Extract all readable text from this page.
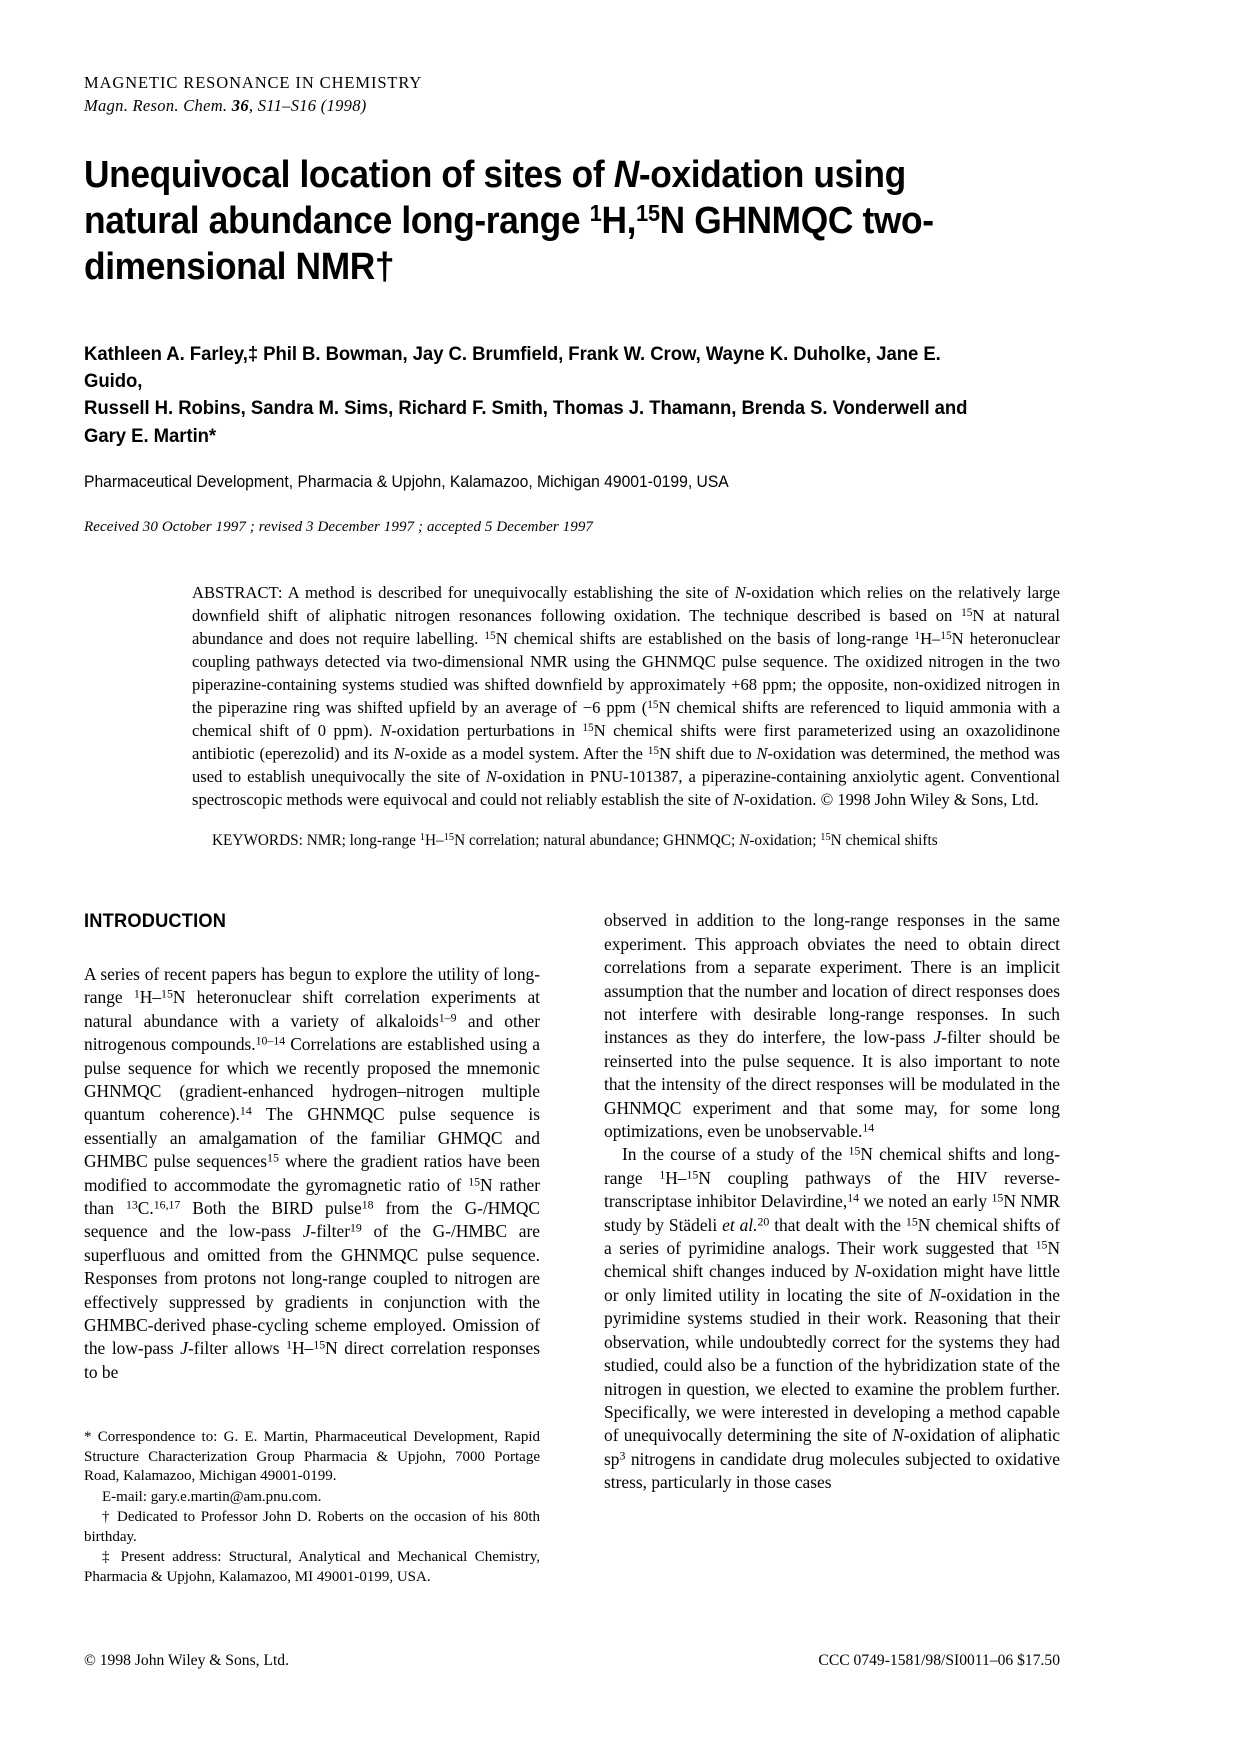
MAGNETIC RESONANCE IN CHEMISTRY
Magn. Reson. Chem. 36, S11–S16 (1998)
Unequivocal location of sites of N-oxidation using natural abundance long-range $^1$H,$^{15}$N GHNMQC two-dimensional NMR†
Kathleen A. Farley,‡ Phil B. Bowman, Jay C. Brumfield, Frank W. Crow, Wayne K. Duholke, Jane E. Guido,
Russell H. Robins, Sandra M. Sims, Richard F. Smith, Thomas J. Thamann, Brenda S. Vonderwell and
Gary E. Martin*
Pharmaceutical Development, Pharmacia & Upjohn, Kalamazoo, Michigan 49001-0199, USA
Received 30 October 1997 ; revised 3 December 1997 ; accepted 5 December 1997
ABSTRACT: A method is described for unequivocally establishing the site of N-oxidation which relies on the relatively large downfield shift of aliphatic nitrogen resonances following oxidation. The technique described is based on $^{15}$N at natural abundance and does not require labelling. $^{15}$N chemical shifts are established on the basis of long-range $^1$H–$^{15}$N heteronuclear coupling pathways detected via two-dimensional NMR using the GHNMQC pulse sequence. The oxidized nitrogen in the two piperazine-containing systems studied was shifted downfield by approximately +68 ppm; the opposite, non-oxidized nitrogen in the piperazine ring was shifted upfield by an average of −6 ppm ($^{15}$N chemical shifts are referenced to liquid ammonia with a chemical shift of 0 ppm). N-oxidation perturbations in $^{15}$N chemical shifts were first parameterized using an oxazolidinone antibiotic (eperezolid) and its N-oxide as a model system. After the $^{15}$N shift due to N-oxidation was determined, the method was used to establish unequivocally the site of N-oxidation in PNU-101387, a piperazine-containing anxiolytic agent. Conventional spectroscopic methods were equivocal and could not reliably establish the site of N-oxidation. © 1998 John Wiley & Sons, Ltd.
KEYWORDS: NMR; long-range $^1$H–$^{15}$N correlation; natural abundance; GHNMQC; N-oxidation; $^{15}$N chemical shifts
INTRODUCTION

A series of recent papers has begun to explore the utility of long-range $^1$H–$^{15}$N heteronuclear shift correlation experiments at natural abundance with a variety of alkaloids$^{1-9}$ and other nitrogenous compounds.$^{10-14}$ Correlations are established using a pulse sequence for which we recently proposed the mnemonic GHNMQC (gradient-enhanced hydrogen–nitrogen multiple quantum coherence).$^{14}$ The GHNMQC pulse sequence is essentially an amalgamation of the familiar GHMQC and GHMBC pulse sequences$^{15}$ where the gradient ratios have been modified to accommodate the gyromagnetic ratio of $^{15}$N rather than $^{13}$C.$^{16,17}$ Both the BIRD pulse$^{18}$ from the G-/HMQC sequence and the low-pass J-filter$^{19}$ of the G-/HMBC are superfluous and omitted from the GHNMQC pulse sequence. Responses from protons not long-range coupled to nitrogen are effectively suppressed by gradients in conjunction with the GHMBC-derived phase-cycling scheme employed. Omission of the low-pass J-filter allows $^1$H–$^{15}$N direct correlation responses to be

* Correspondence to: G. E. Martin, Pharmaceutical Development, Rapid Structure Characterization Group Pharmacia & Upjohn, 7000 Portage Road, Kalamazoo, Michigan 49001-0199.

E-mail: gary.e.martin@am.pnu.com.

† Dedicated to Professor John D. Roberts on the occasion of his 80th birthday.

‡ Present address: Structural, Analytical and Mechanical Chemistry, Pharmacia & Upjohn, Kalamazoo, MI 49001-0199, USA.

observed in addition to the long-range responses in the same experiment. This approach obviates the need to obtain direct correlations from a separate experiment. There is an implicit assumption that the number and location of direct responses does not interfere with desirable long-range responses. In such instances as they do interfere, the low-pass J-filter should be reinserted into the pulse sequence. It is also important to note that the intensity of the direct responses will be modulated in the GHNMQC experiment and that some may, for some long optimizations, even be unobservable.$^{14}$

In the course of a study of the $^{15}$N chemical shifts and long-range $^1$H–$^{15}$N coupling pathways of the HIV reverse-transcriptase inhibitor Delavirdine,$^{14}$ we noted an early $^{15}$N NMR study by Städeli et al.$^{20}$ that dealt with the $^{15}$N chemical shifts of a series of pyrimidine analogs. Their work suggested that $^{15}$N chemical shift changes induced by N-oxidation might have little or only limited utility in locating the site of N-oxidation in the pyrimidine systems studied in their work. Reasoning that their observation, while undoubtedly correct for the systems they had studied, could also be a function of the hybridization state of the nitrogen in question, we elected to examine the problem further. Specifically, we were interested in developing a method capable of unequivocally determining the site of N-oxidation of aliphatic $sp^3$ nitrogens in candidate drug molecules subjected to oxidative stress, particularly in those cases

© 1998 John Wiley & Sons, Ltd.	CCC 0749-1581/98/SI0011–06 $17.50
